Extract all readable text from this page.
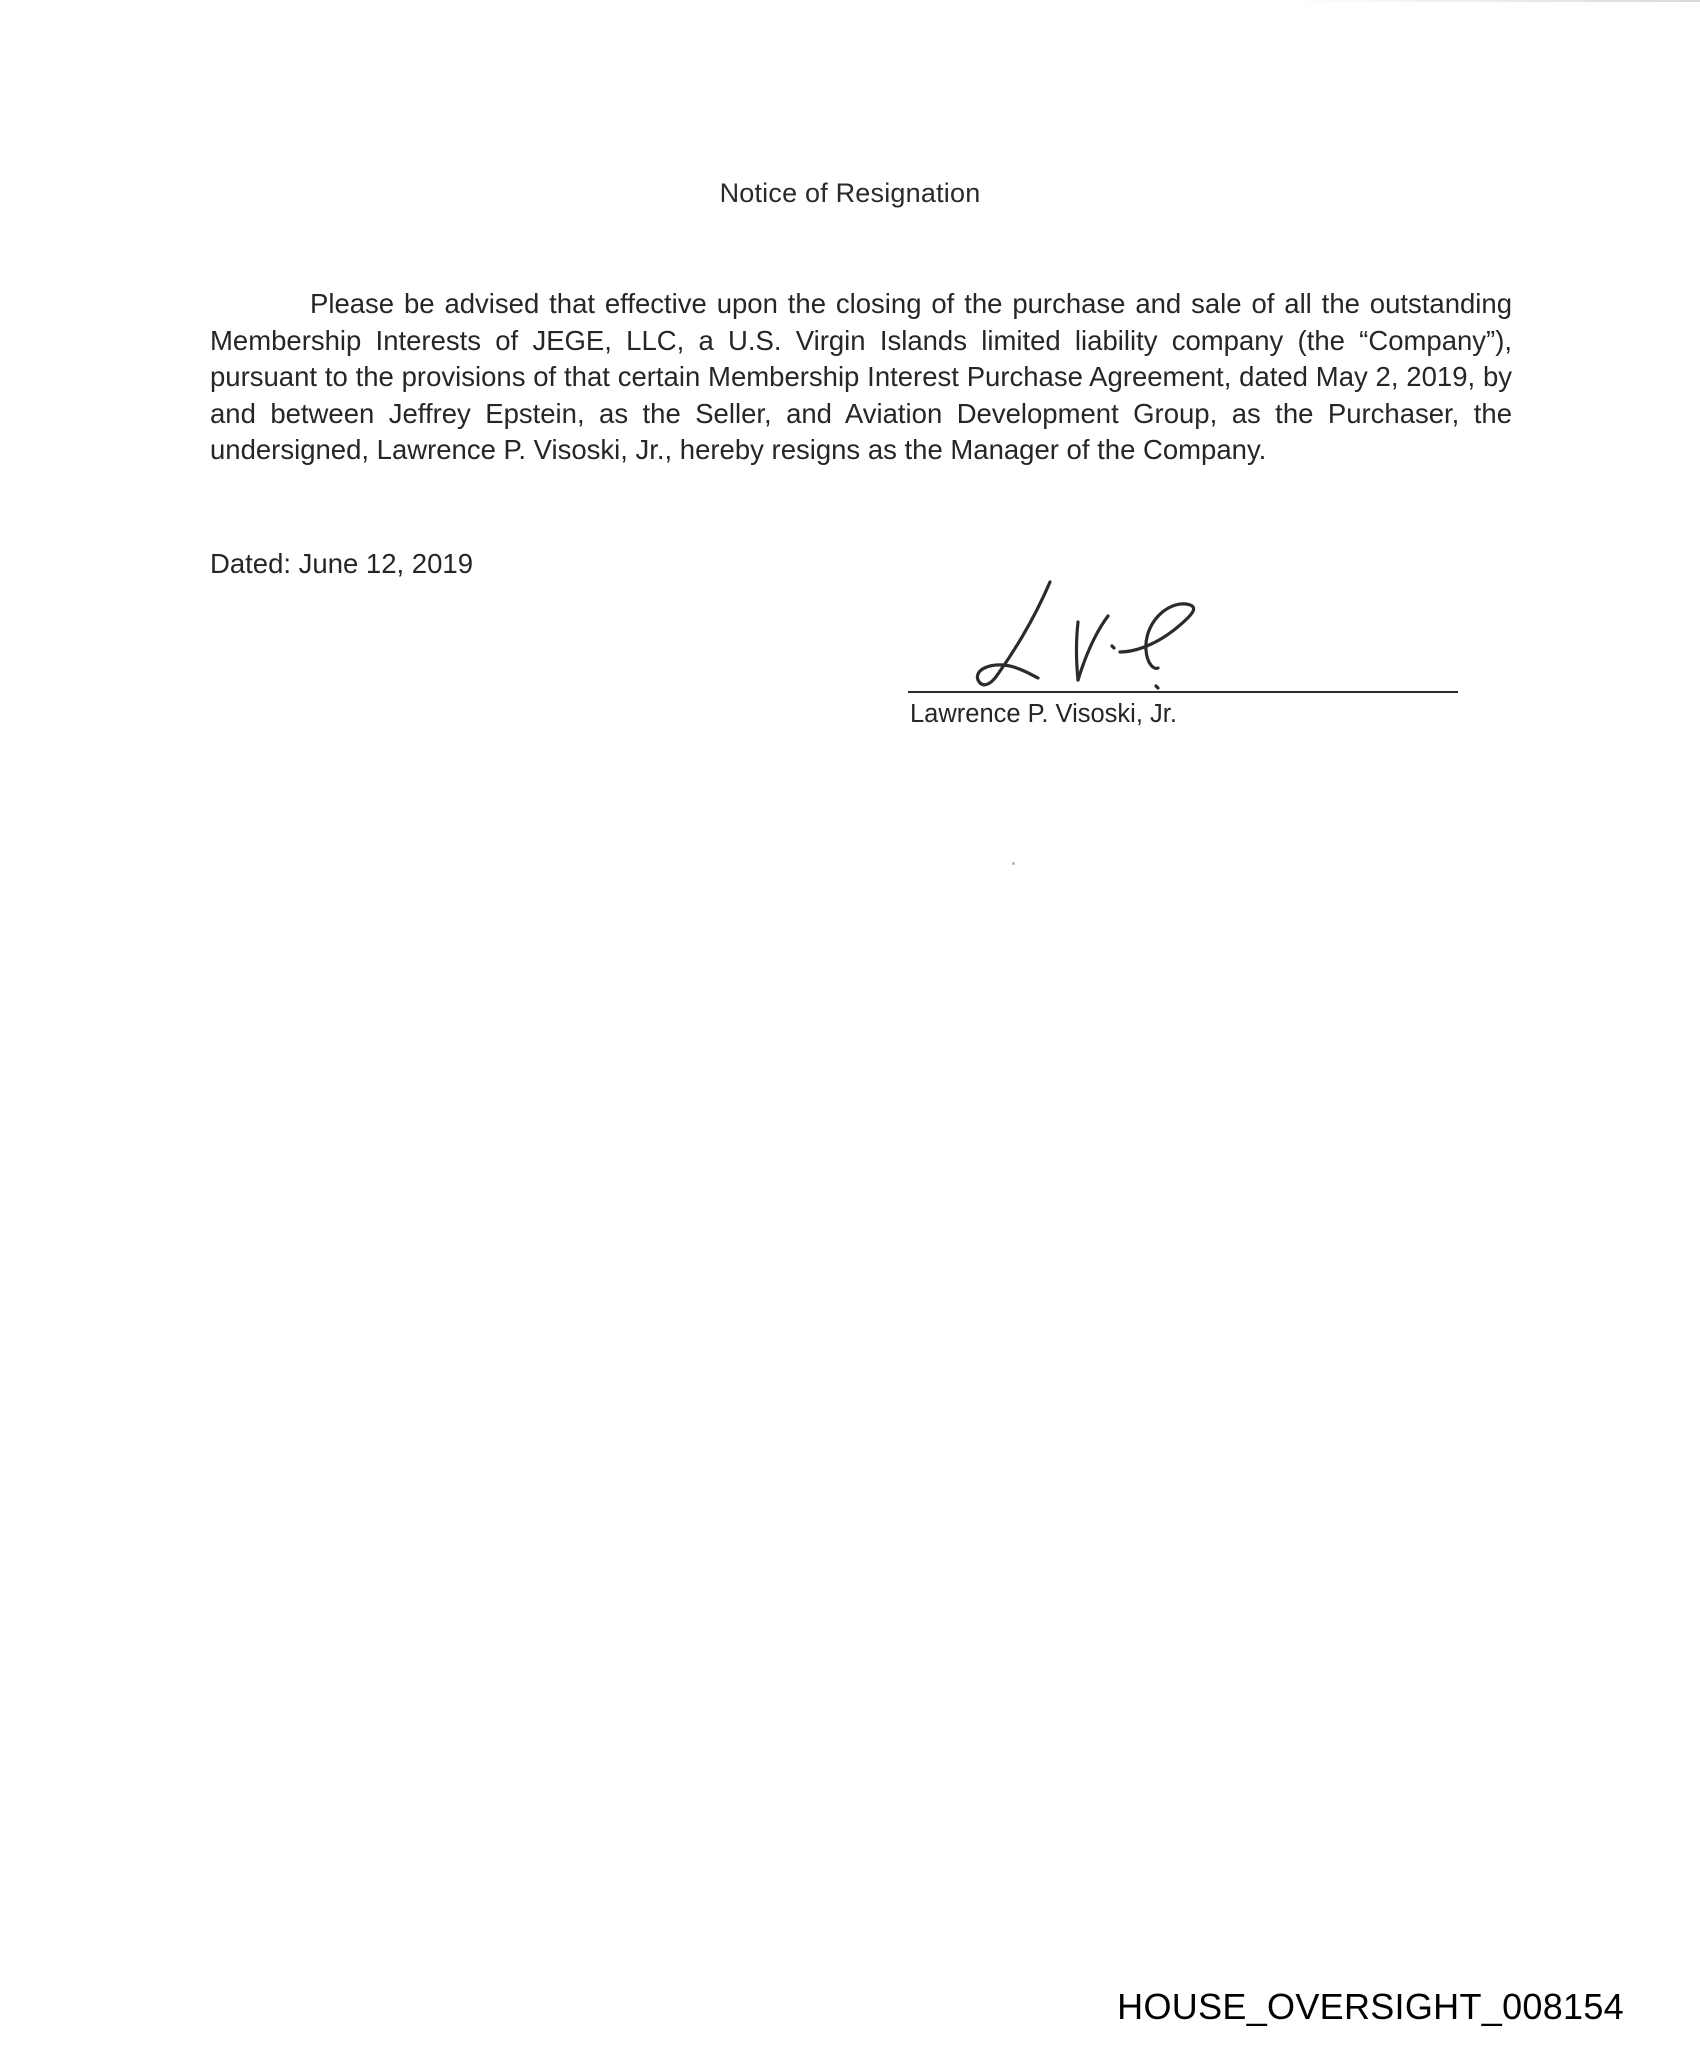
Notice of Resignation
Please be advised that effective upon the closing of the purchase and sale of all the outstanding Membership Interests of JEGE, LLC, a U.S. Virgin Islands limited liability company (the “Company”), pursuant to the provisions of that certain Membership Interest Purchase Agreement, dated May 2, 2019, by and between Jeffrey Epstein, as the Seller, and Aviation Development Group, as the Purchaser, the undersigned, Lawrence P. Visoski, Jr., hereby resigns as the Manager of the Company.
Dated: June 12, 2019
Lawrence P. Visoski, Jr.
HOUSE_OVERSIGHT_008154
